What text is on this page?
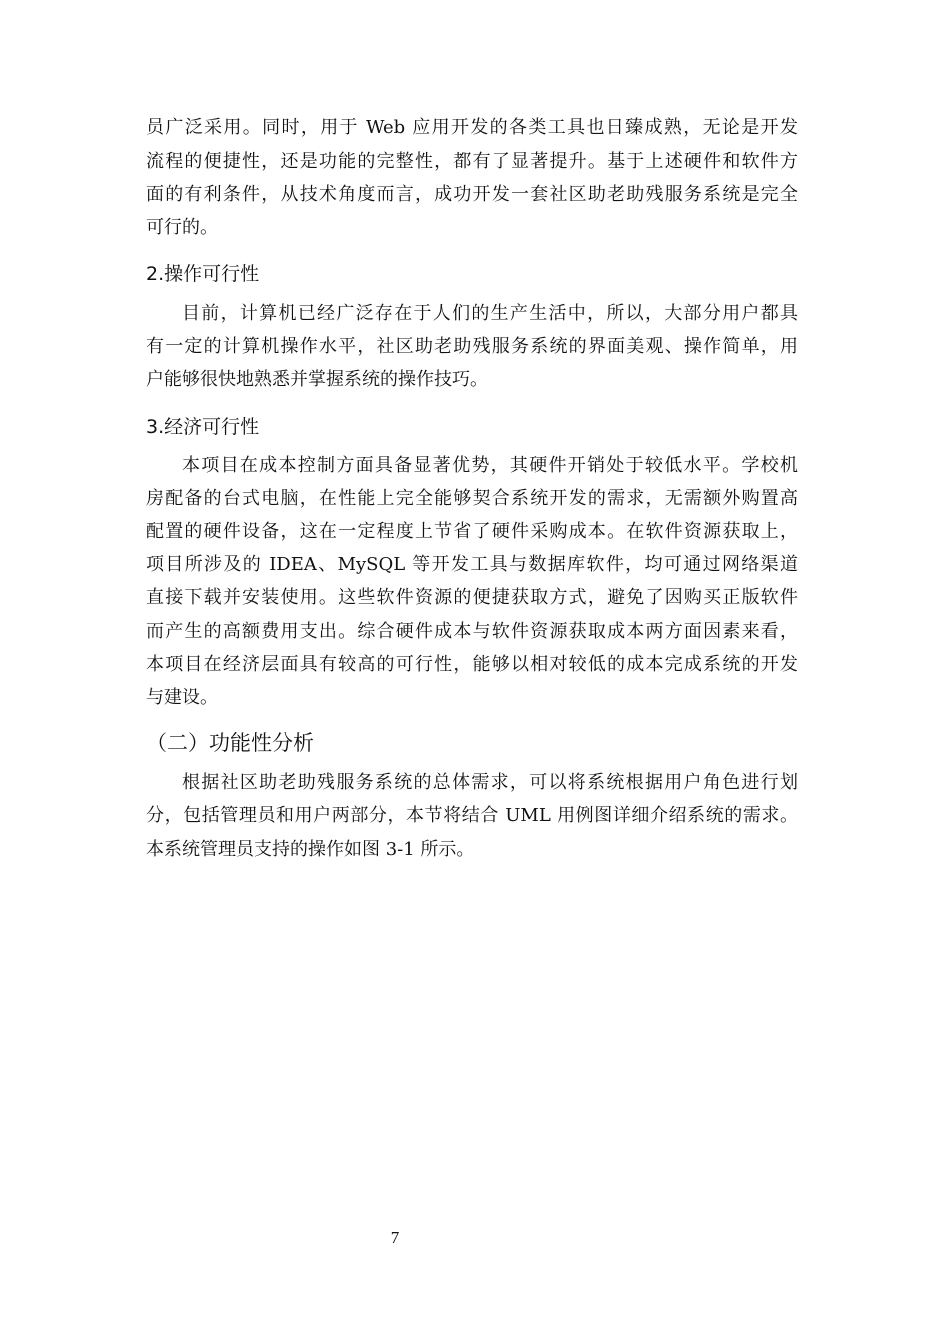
员广泛采用。同时，用于 Web 应用开发的各类工具也日臻成熟，无论是开发
流程的便捷性，还是功能的完整性，都有了显著提升。基于上述硬件和软件方
面的有利条件，从技术角度而言，成功开发一套社区助老助残服务系统是完全
可行的。
2.操作可行性
目前，计算机已经广泛存在于人们的生产生活中，所以，大部分用户都具
有一定的计算机操作水平，社区助老助残服务系统的界面美观、操作简单，用
户能够很快地熟悉并掌握系统的操作技巧。
3.经济可行性
本项目在成本控制方面具备显著优势，其硬件开销处于较低水平。学校机
房配备的台式电脑，在性能上完全能够契合系统开发的需求，无需额外购置高
配置的硬件设备，这在一定程度上节省了硬件采购成本。在软件资源获取上，
项目所涉及的 IDEA、MySQL 等开发工具与数据库软件，均可通过网络渠道
直接下载并安装使用。这些软件资源的便捷获取方式，避免了因购买正版软件
而产生的高额费用支出。综合硬件成本与软件资源获取成本两方面因素来看，
本项目在经济层面具有较高的可行性，能够以相对较低的成本完成系统的开发
与建设。
（二）功能性分析
根据社区助老助残服务系统的总体需求，可以将系统根据用户角色进行划
分，包括管理员和用户两部分，本节将结合 UML 用例图详细介绍系统的需求。
本系统管理员支持的操作如图 3-1 所示。
7
